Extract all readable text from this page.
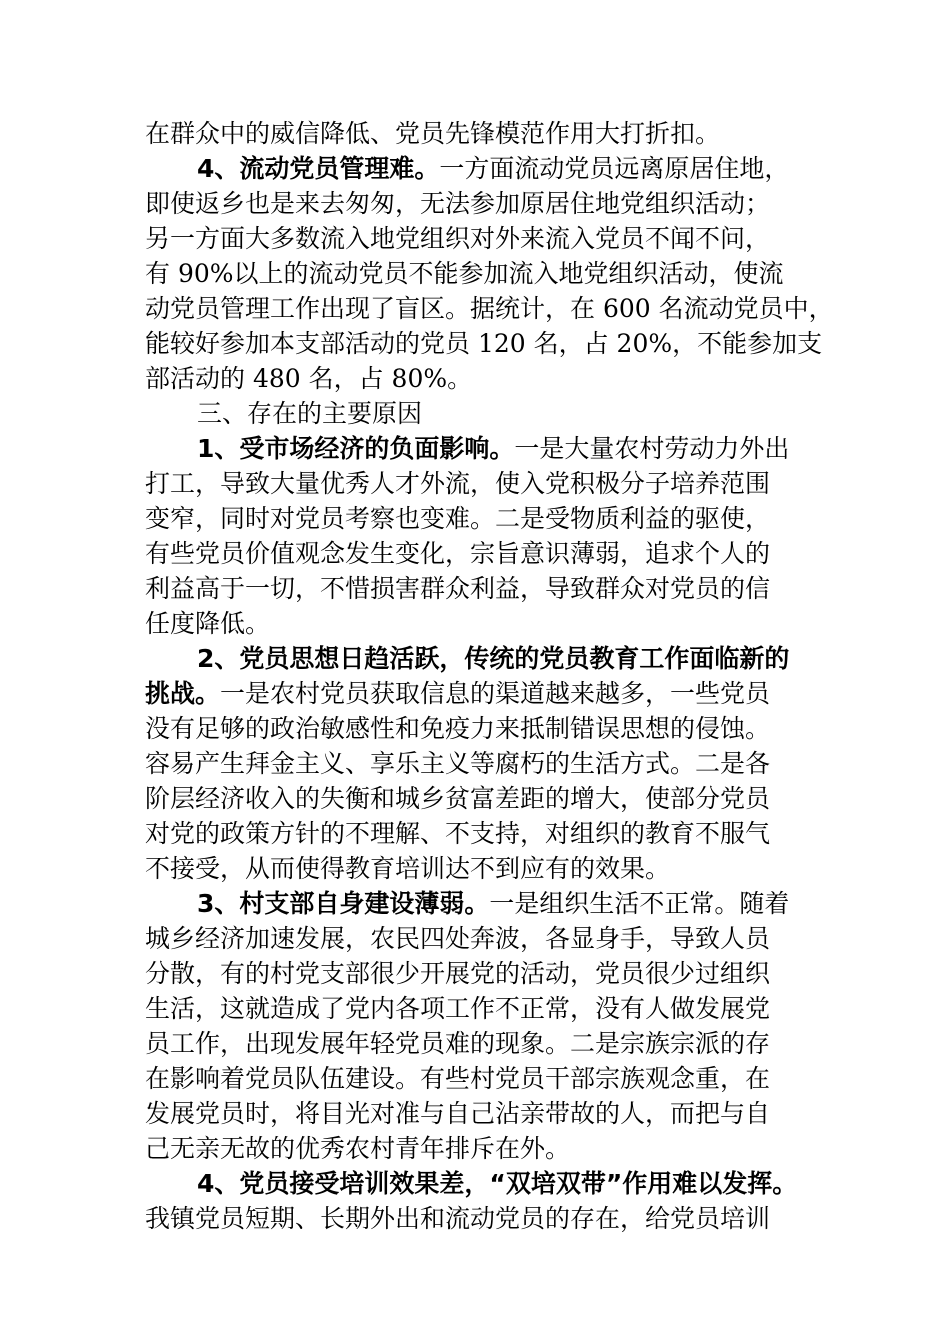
在群众中的威信降低、党员先锋模范作用大打折扣。
4、流动党员管理难。一方面流动党员远离原居住地，
即使返乡也是来去匆匆，无法参加原居住地党组织活动；
另一方面大多数流入地党组织对外来流入党员不闻不问，
有 90%以上的流动党员不能参加流入地党组织活动，使流
动党员管理工作出现了盲区。据统计，在 600 名流动党员中，
能较好参加本支部活动的党员 120 名，占 20%，不能参加支
部活动的 480 名，占 80%。
三、存在的主要原因
1、受市场经济的负面影响。一是大量农村劳动力外出
打工，导致大量优秀人才外流，使入党积极分子培养范围
变窄，同时对党员考察也变难。二是受物质利益的驱使，
有些党员价值观念发生变化，宗旨意识薄弱，追求个人的
利益高于一切，不惜损害群众利益，导致群众对党员的信
任度降低。
2、党员思想日趋活跃，传统的党员教育工作面临新的
挑战。一是农村党员获取信息的渠道越来越多，一些党员
没有足够的政治敏感性和免疫力来抵制错误思想的侵蚀。
容易产生拜金主义、享乐主义等腐朽的生活方式。二是各
阶层经济收入的失衡和城乡贫富差距的增大，使部分党员
对党的政策方针的不理解、不支持，对组织的教育不服气
不接受，从而使得教育培训达不到应有的效果。
3、村支部自身建设薄弱。一是组织生活不正常。随着
城乡经济加速发展，农民四处奔波，各显身手，导致人员
分散，有的村党支部很少开展党的活动，党员很少过组织
生活，这就造成了党内各项工作不正常，没有人做发展党
员工作，出现发展年轻党员难的现象。二是宗族宗派的存
在影响着党员队伍建设。有些村党员干部宗族观念重，在
发展党员时，将目光对准与自己沾亲带故的人，而把与自
己无亲无故的优秀农村青年排斥在外。
4、党员接受培训效果差，“双培双带”作用难以发挥。
我镇党员短期、长期外出和流动党员的存在，给党员培训
